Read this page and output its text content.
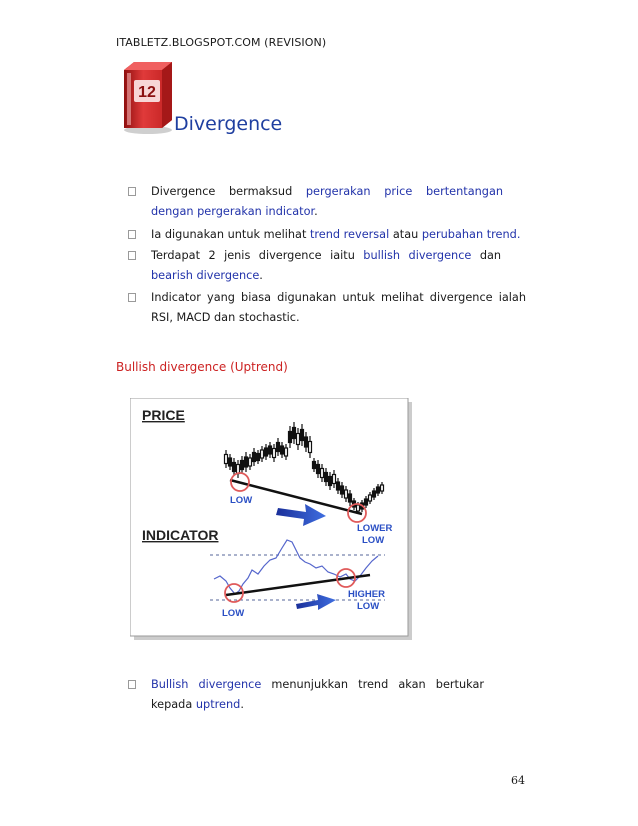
ITABLETZ.BLOGSPOT.COM (REVISION)
12
Divergence
Divergence bermaksud pergerakan price bertentangan
dengan pergerakan indicator.
Ia digunakan untuk melihat trend reversal atau perubahan trend.
Terdapat 2 jenis divergence iaitu bullish divergence dan
bearish divergence.
Indicator yang biasa digunakan untuk melihat divergence ialah
RSI, MACD dan stochastic.
Bullish divergence (Uptrend)
PRICE
LOW
LOWER
LOW
INDICATOR
LOW
HIGHER
LOW
Bullish divergence menunjukkan trend akan bertukar
kepada uptrend.
64
